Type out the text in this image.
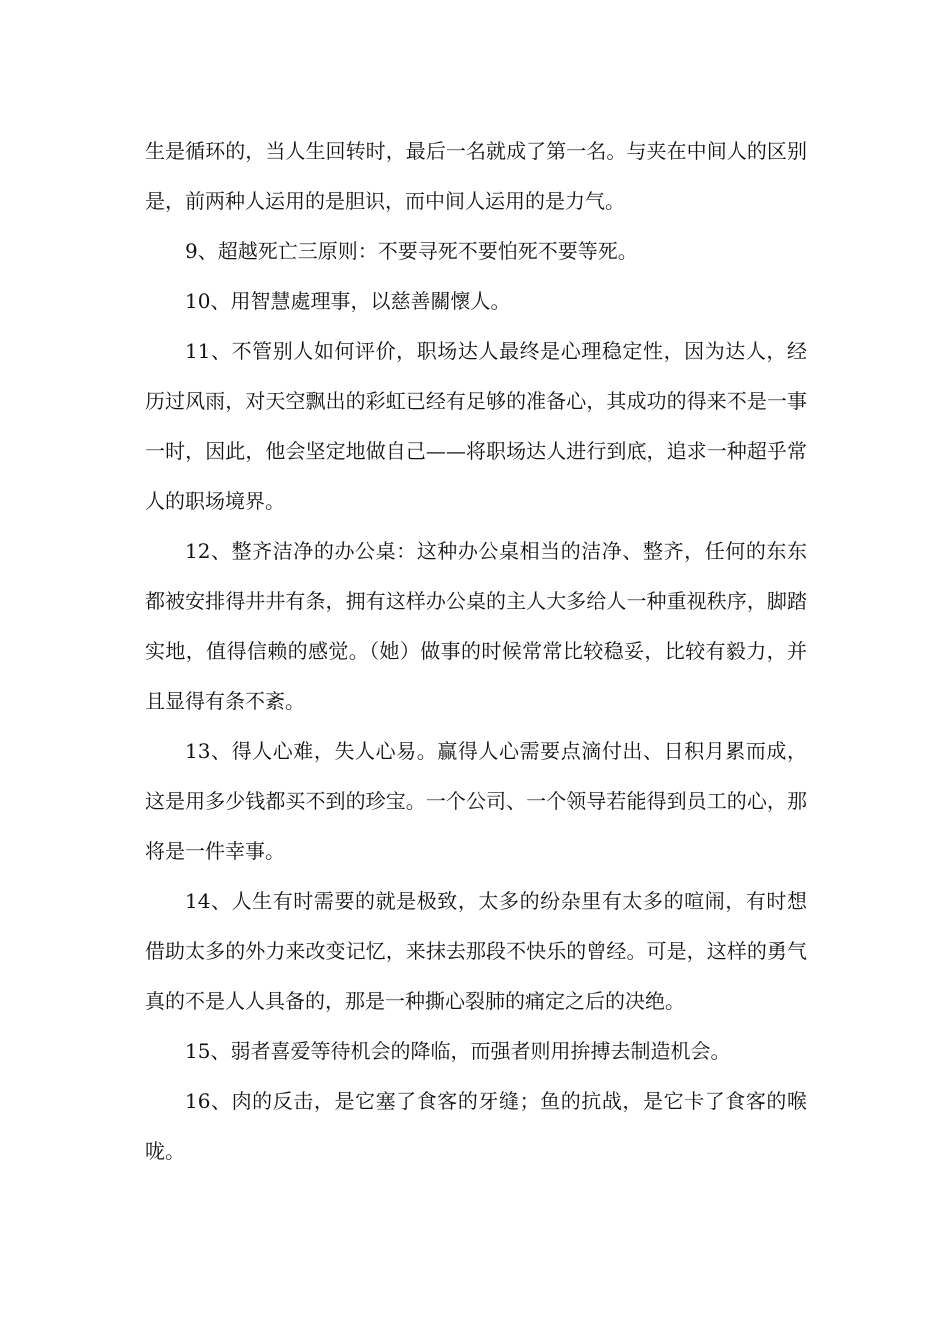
生是循环的，当人生回转时，最后一名就成了第一名。与夹在中间人的区别是，前两种人运用的是胆识，而中间人运用的是力气。

9、超越死亡三原则：不要寻死不要怕死不要等死。

10、用智慧處理事，以慈善關懷人。

11、不管别人如何评价，职场达人最终是心理稳定性，因为达人，经历过风雨，对天空飘出的彩虹已经有足够的准备心，其成功的得来不是一事一时，因此，他会坚定地做自己——将职场达人进行到底，追求一种超乎常人的职场境界。

12、整齐洁净的办公桌：这种办公桌相当的洁净、整齐，任何的东东都被安排得井井有条，拥有这样办公桌的主人大多给人一种重视秩序，脚踏实地，值得信赖的感觉。（她）做事的时候常常比较稳妥，比较有毅力，并且显得有条不紊。

13、得人心难，失人心易。赢得人心需要点滴付出、日积月累而成，这是用多少钱都买不到的珍宝。一个公司、一个领导若能得到员工的心，那将是一件幸事。

14、人生有时需要的就是极致，太多的纷杂里有太多的喧闹，有时想借助太多的外力来改变记忆，来抹去那段不快乐的曾经。可是，这样的勇气真的不是人人具备的，那是一种撕心裂肺的痛定之后的决绝。

15、弱者喜爱等待机会的降临，而强者则用拚搏去制造机会。

16、肉的反击，是它塞了食客的牙缝；鱼的抗战，是它卡了食客的喉咙。
